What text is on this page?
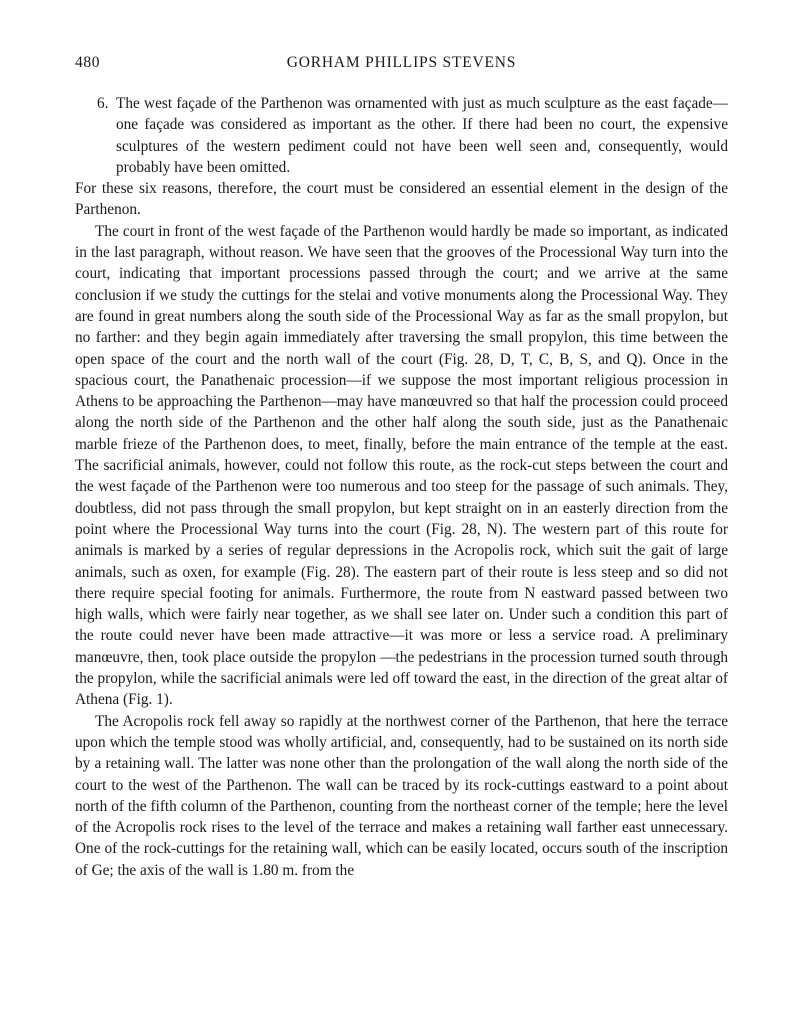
480	GORHAM PHILLIPS STEVENS

6. The west façade of the Parthenon was ornamented with just as much sculpture as the east façade—one façade was considered as important as the other. If there had been no court, the expensive sculptures of the western pediment could not have been well seen and, consequently, would probably have been omitted.

For these six reasons, therefore, the court must be considered an essential element in the design of the Parthenon.

The court in front of the west façade of the Parthenon would hardly be made so important, as indicated in the last paragraph, without reason. We have seen that the grooves of the Processional Way turn into the court, indicating that important processions passed through the court; and we arrive at the same conclusion if we study the cuttings for the stelai and votive monuments along the Processional Way. They are found in great numbers along the south side of the Processional Way as far as the small propylon, but no farther: and they begin again immediately after traversing the small propylon, this time between the open space of the court and the north wall of the court (Fig. 28, D, T, C, B, S, and Q). Once in the spacious court, the Panathenaic procession—if we suppose the most important religious procession in Athens to be approaching the Parthenon—may have manœuvred so that half the procession could proceed along the north side of the Parthenon and the other half along the south side, just as the Panathenaic marble frieze of the Parthenon does, to meet, finally, before the main entrance of the temple at the east. The sacrificial animals, however, could not follow this route, as the rock-cut steps between the court and the west façade of the Parthenon were too numerous and too steep for the passage of such animals. They, doubtless, did not pass through the small propylon, but kept straight on in an easterly direction from the point where the Processional Way turns into the court (Fig. 28, N). The western part of this route for animals is marked by a series of regular depressions in the Acropolis rock, which suit the gait of large animals, such as oxen, for example (Fig. 28). The eastern part of their route is less steep and so did not there require special footing for animals. Furthermore, the route from N eastward passed between two high walls, which were fairly near together, as we shall see later on. Under such a condition this part of the route could never have been made attractive—it was more or less a service road. A preliminary manœuvre, then, took place outside the propylon —the pedestrians in the procession turned south through the propylon, while the sacrificial animals were led off toward the east, in the direction of the great altar of Athena (Fig. 1).

The Acropolis rock fell away so rapidly at the northwest corner of the Parthenon, that here the terrace upon which the temple stood was wholly artificial, and, consequently, had to be sustained on its north side by a retaining wall. The latter was none other than the prolongation of the wall along the north side of the court to the west of the Parthenon. The wall can be traced by its rock-cuttings eastward to a point about north of the fifth column of the Parthenon, counting from the northeast corner of the temple; here the level of the Acropolis rock rises to the level of the terrace and makes a retaining wall farther east unnecessary. One of the rock-cuttings for the retaining wall, which can be easily located, occurs south of the inscription of Ge; the axis of the wall is 1.80 m. from the
